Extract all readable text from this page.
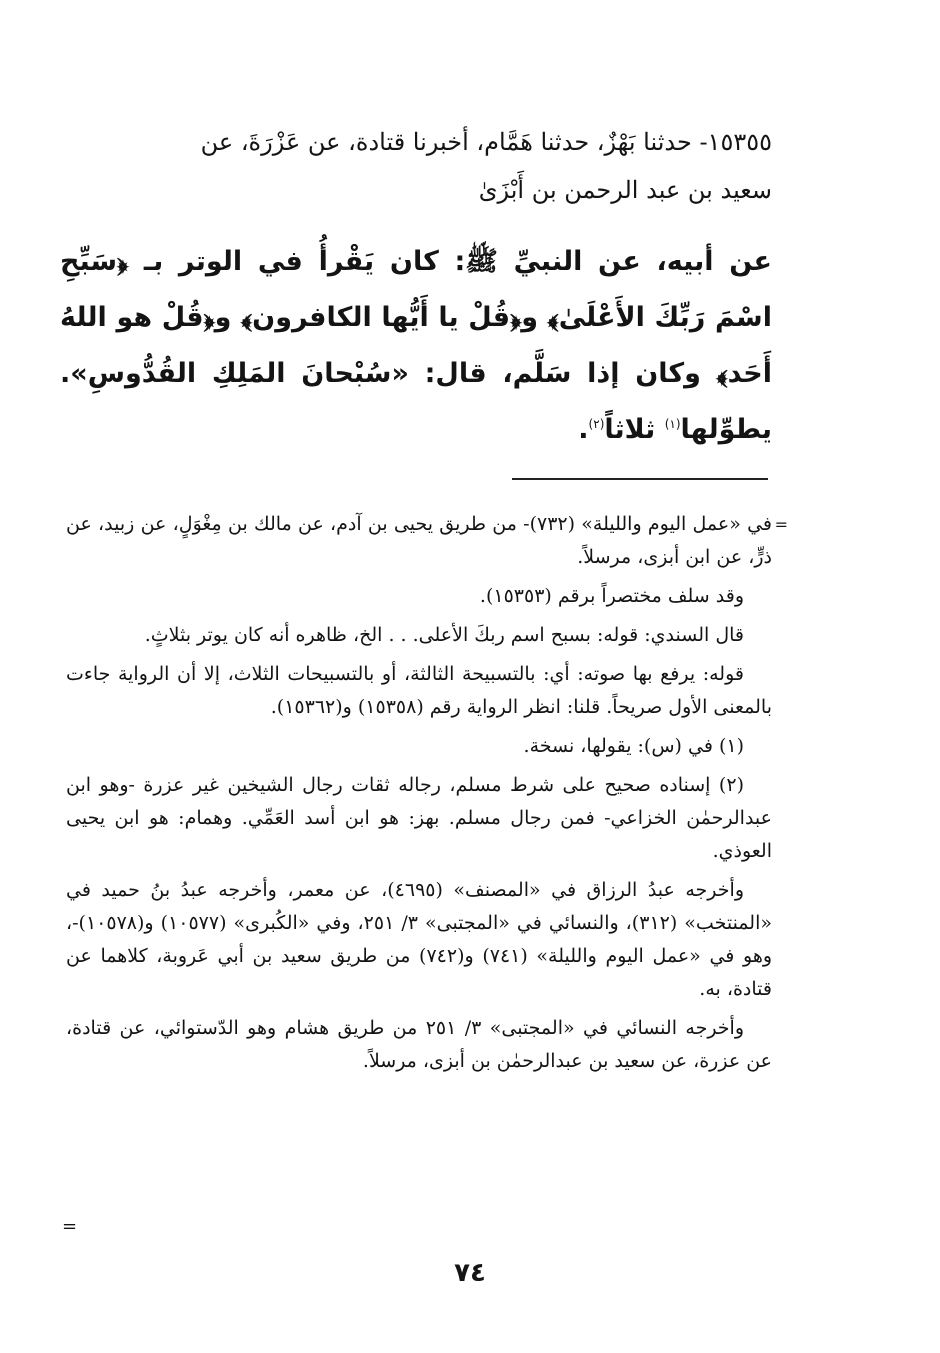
١٥٣٥٥- حدثنا بَهْزٌ، حدثنا هَمَّام، أخبرنا قتادة، عن عَزْرَةَ، عن
سعيد بن عبد الرحمن بن أَبْزَىٰ

عن أبيه، عن النبيِّ ﷺ: كان يَقْرأُ في الوتر بـ ﴿سَبِّحِ اسْمَ رَبِّكَ الأَعْلَىٰ﴾ و﴿قُلْ يا أَيُّها الكافرون﴾ و﴿قُلْ هو اللهُ أَحَد﴾ وكان إذا سَلَّم، قال: «سُبْحانَ المَلِكِ القُدُّوسِ». يطوِّلها$^{(١)}$ ثلاثاً$^{(٢)}$.

=

في «عمل اليوم والليلة» (٧٣٢)- من طريق يحيى بن آدم، عن مالك بن مِغْوَلٍ، عن زبيد، عن ذرٍّ، عن ابن أبزى، مرسلاً.

وقد سلف مختصراً برقم (١٥٣٥٣).

قال السندي: قوله: بسبح اسم ربكَ الأعلى. . . الخ، ظاهره أنه كان يوتر بثلاثٍ.

قوله: يرفع بها صوته: أي: بالتسبيحة الثالثة، أو بالتسبيحات الثلاث، إلا أن الرواية جاءت بالمعنى الأول صريحاً. قلنا: انظر الرواية رقم (١٥٣٥٨) و(١٥٣٦٢).

(١) في (س): يقولها، نسخة.

(٢) إسناده صحيح على شرط مسلم، رجاله ثقات رجال الشيخين غير عزرة -وهو ابن عبدالرحمٰن الخزاعي- فمن رجال مسلم. بهز: هو ابن أسد العَمِّي. وهمام: هو ابن يحيى العوذي.

وأخرجه عبدُ الرزاق في «المصنف» (٤٦٩٥)، عن معمر، وأخرجه عبدُ بنُ حميد في «المنتخب» (٣١٢)، والنسائي في «المجتبى» ٣/ ٢٥١، وفي «الكُبرى» (١٠٥٧٧) و(١٠٥٧٨)-، وهو في «عمل اليوم والليلة» (٧٤١) و(٧٤٢) من طريق سعيد بن أبي عَروبة، كلاهما عن قتادة، به.

وأخرجه النسائي في «المجتبى» ٣/ ٢٥١ من طريق هشام وهو الدّستوائي، عن قتادة، عن عزرة، عن سعيد بن عبدالرحمٰن بن أبزى، مرسلاً.

=
٧٤
